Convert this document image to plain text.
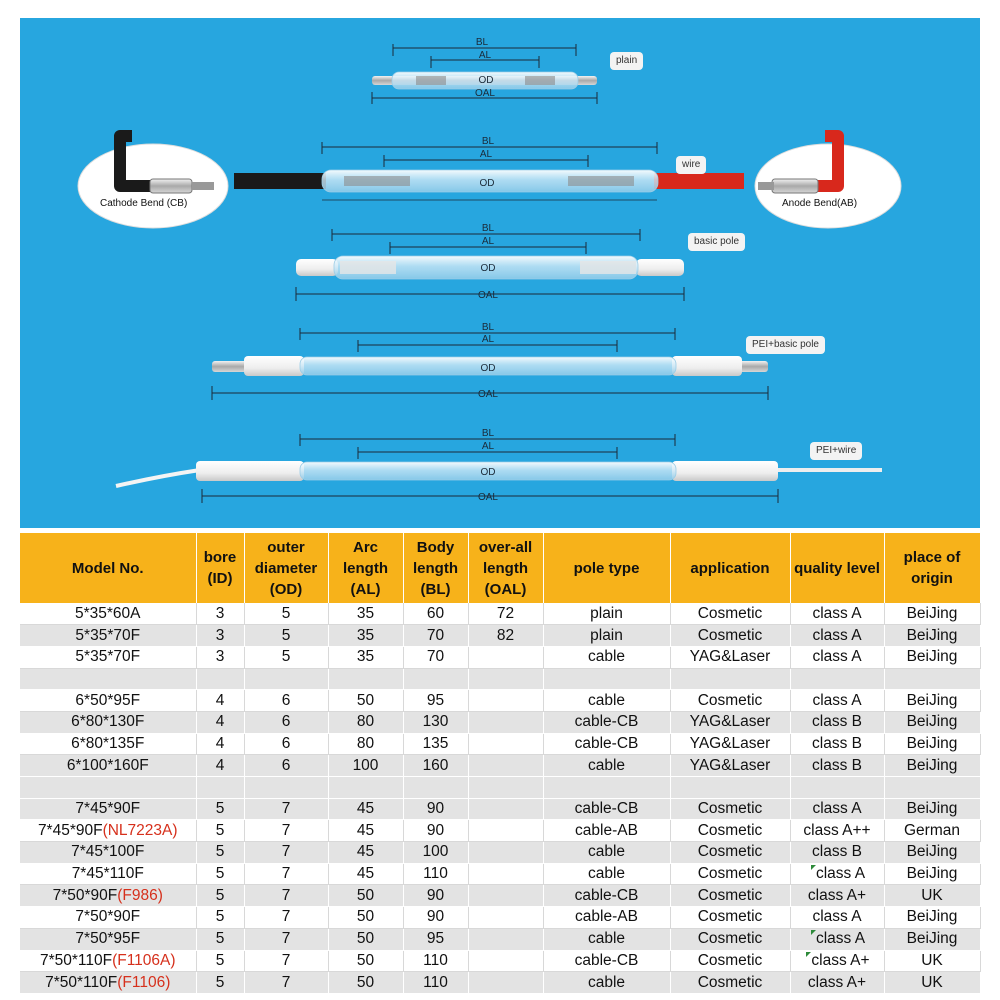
BL
AL
OD
OAL
BL
AL
OD
BL
AL
OD
OAL
BL
AL
OD
OAL
BL
AL
OD
OAL
plain
wire
basic pole
PEI+basic pole
PEI+wire
Cathode Bend (CB)	Anode Bend(AB)
Model No.	bore (ID)	outer diameter (OD)	Arc length (AL)	Body length (BL)	over-all length (OAL)	pole type	application	quality level	place of origin
5*35*60A	3	5	35	60	72	plain	Cosmetic	class A	BeiJing
5*35*70F	3	5	35	70	82	plain	Cosmetic	class A	BeiJing
5*35*70F	3	5	35	70		cable	YAG&Laser	class A	BeiJing

6*50*95F	4	6	50	95		cable	Cosmetic	class A	BeiJing
6*80*130F	4	6	80	130		cable-CB	YAG&Laser	class B	BeiJing
6*80*135F	4	6	80	135		cable-CB	YAG&Laser	class B	BeiJing
6*100*160F	4	6	100	160		cable	YAG&Laser	class B	BeiJing

7*45*90F	5	7	45	90		cable-CB	Cosmetic	class A	BeiJing
7*45*90F(NL7223A)	5	7	45	90		cable-AB	Cosmetic	class A++	German
7*45*100F	5	7	45	100		cable	Cosmetic	class B	BeiJing
7*45*110F	5	7	45	110		cable	Cosmetic	class A	BeiJing
7*50*90F(F986)	5	7	50	90		cable-CB	Cosmetic	class A+	UK
7*50*90F	5	7	50	90		cable-AB	Cosmetic	class A	BeiJing
7*50*95F	5	7	50	95		cable	Cosmetic	class A	BeiJing
7*50*110F(F1106A)	5	7	50	110		cable-CB	Cosmetic	class A+	UK
7*50*110F(F1106)	5	7	50	110		cable	Cosmetic	class A+	UK
